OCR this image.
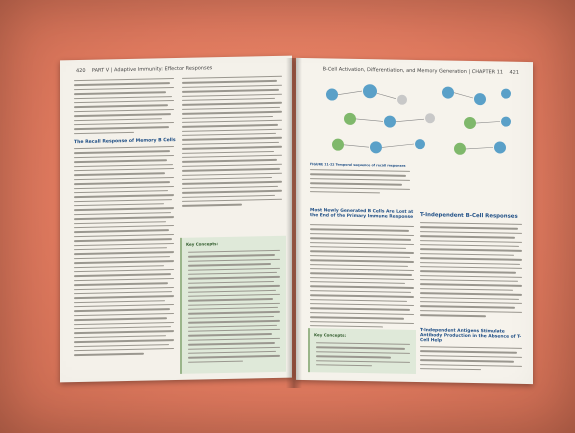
420 PART V | Adaptive Immunity: Effector Responses
The Recall Response of Memory B Cells
Key Concepts:
B-Cell Activation, Differentiation, and Memory Generation | CHAPTER 11 421
FIGURE 11-22 Temporal sequence of recall responses
Most Newly Generated B Cells Are Lost at the End of the Primary Immune Response
Key Concepts:
T-Independent B-Cell Responses
T-Independent Antigens Stimulate Antibody Production in the Absence of T-Cell Help
